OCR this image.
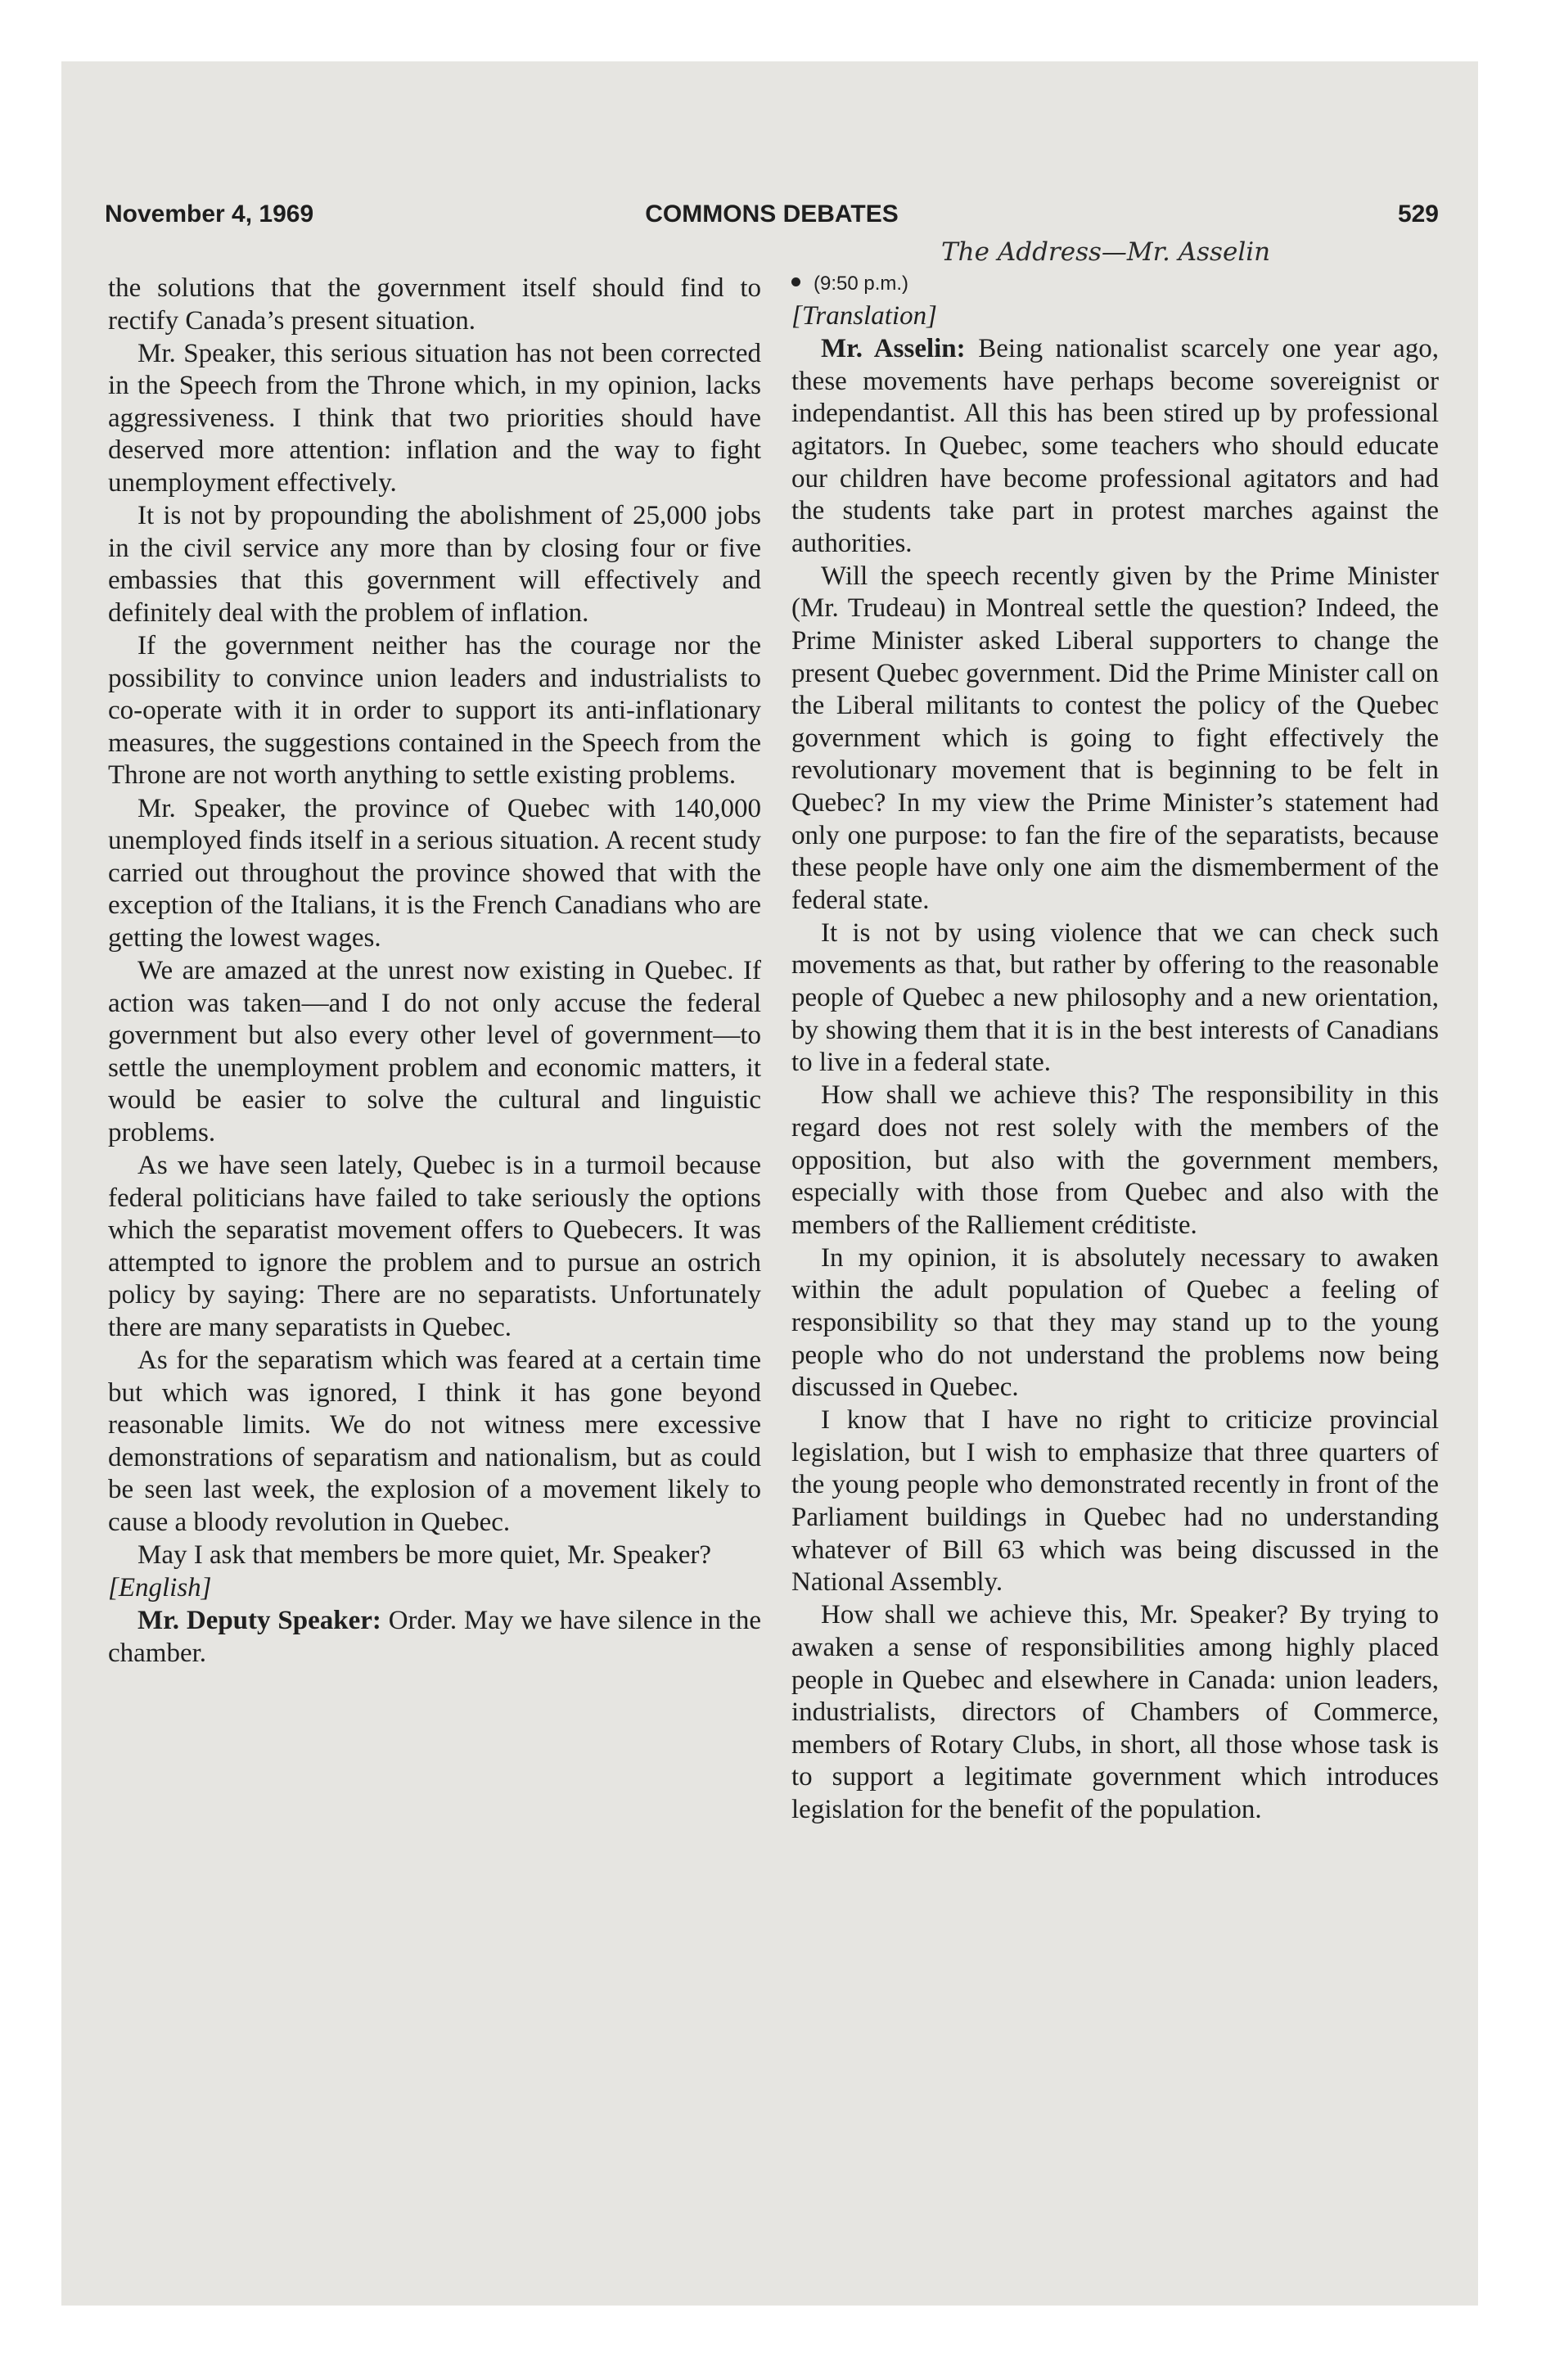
November 4, 1969	COMMONS DEBATES	529
The Address—Mr. Asselin

the solutions that the government itself should find to rectify Canada’s present situation.

Mr. Speaker, this serious situation has not been corrected in the Speech from the Throne which, in my opinion, lacks aggressiveness. I think that two priorities should have deserved more attention: inflation and the way to fight unemployment effectively.

It is not by propounding the abolishment of 25,000 jobs in the civil service any more than by closing four or five embassies that this government will effectively and definitely deal with the problem of inflation.

If the government neither has the courage nor the possibility to convince union leaders and industrialists to co-operate with it in order to support its anti-inflationary measures, the suggestions contained in the Speech from the Throne are not worth anything to settle existing problems.

Mr. Speaker, the province of Quebec with 140,000 unemployed finds itself in a serious situation. A recent study carried out throughout the province showed that with the exception of the Italians, it is the French Canadians who are getting the lowest wages.

We are amazed at the unrest now existing in Quebec. If action was taken—and I do not only accuse the federal government but also every other level of government—to settle the unemployment problem and economic matters, it would be easier to solve the cultural and linguistic problems.

As we have seen lately, Quebec is in a turmoil because federal politicians have failed to take seriously the options which the separatist movement offers to Quebecers. It was attempted to ignore the problem and to pursue an ostrich policy by saying: There are no separatists. Unfortunately there are many separatists in Quebec.

As for the separatism which was feared at a certain time but which was ignored, I think it has gone beyond reasonable limits. We do not witness mere excessive demonstrations of separatism and nationalism, but as could be seen last week, the explosion of a movement likely to cause a bloody revolution in Quebec.

May I ask that members be more quiet, Mr. Speaker?

[English]

Mr. Deputy Speaker: Order. May we have silence in the chamber.

(9:50 p.m.)

[Translation]

Mr. Asselin: Being nationalist scarcely one year ago, these movements have perhaps become sovereignist or independantist. All this has been stired up by professional agitators. In Quebec, some teachers who should educate our children have become professional agitators and had the students take part in protest marches against the authorities.

Will the speech recently given by the Prime Minister (Mr. Trudeau) in Montreal settle the question? Indeed, the Prime Minister asked Liberal supporters to change the present Quebec government. Did the Prime Minister call on the Liberal militants to contest the policy of the Quebec government which is going to fight effectively the revolutionary movement that is beginning to be felt in Quebec? In my view the Prime Minister’s statement had only one purpose: to fan the fire of the separatists, because these people have only one aim the dismemberment of the federal state.

It is not by using violence that we can check such movements as that, but rather by offering to the reasonable people of Quebec a new philosophy and a new orientation, by showing them that it is in the best interests of Canadians to live in a federal state.

How shall we achieve this? The responsibility in this regard does not rest solely with the members of the opposition, but also with the government members, especially with those from Quebec and also with the members of the Ralliement créditiste.

In my opinion, it is absolutely necessary to awaken within the adult population of Quebec a feeling of responsibility so that they may stand up to the young people who do not understand the problems now being discussed in Quebec.

I know that I have no right to criticize provincial legislation, but I wish to emphasize that three quarters of the young people who demonstrated recently in front of the Parliament buildings in Quebec had no understanding whatever of Bill 63 which was being discussed in the National Assembly.

How shall we achieve this, Mr. Speaker? By trying to awaken a sense of responsibilities among highly placed people in Quebec and elsewhere in Canada: union leaders, industrialists, directors of Chambers of Commerce, members of Rotary Clubs, in short, all those whose task is to support a legitimate government which introduces legislation for the benefit of the population.
